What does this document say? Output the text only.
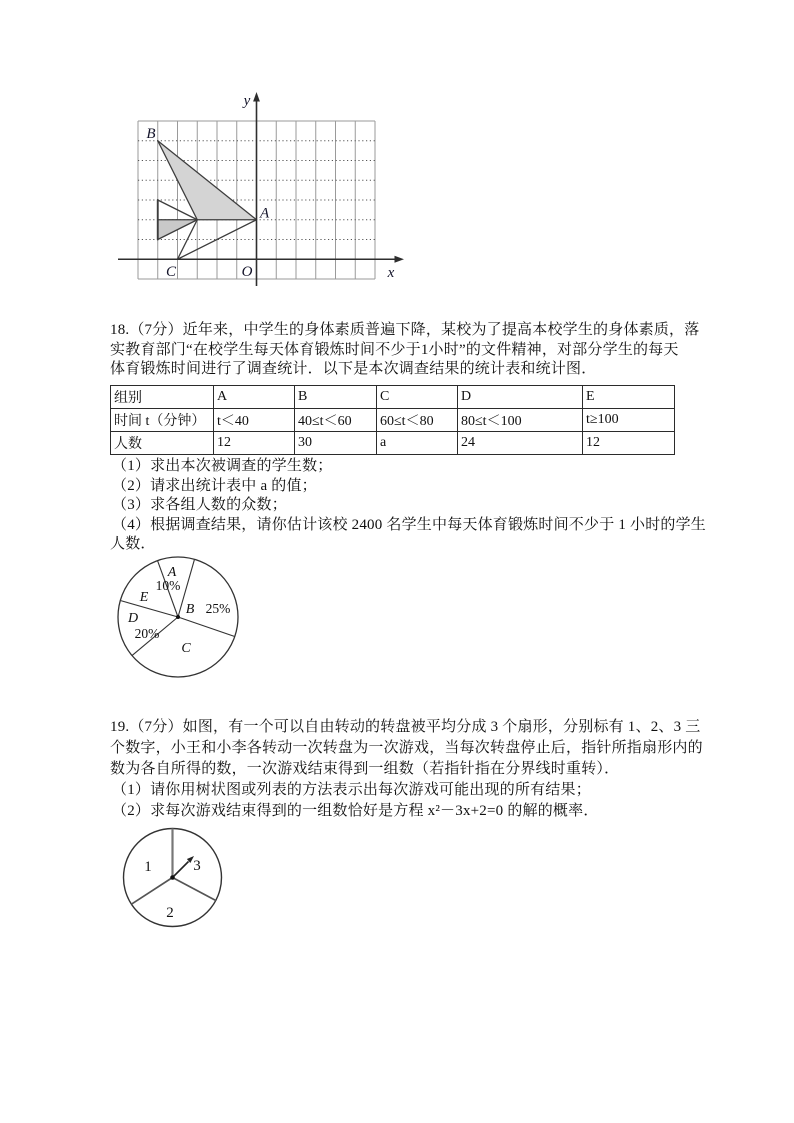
y
x
O
B
A
C
18.（7分）近年来，中学生的身体素质普遍下降，某校为了提高本校学生的身体素质，落
实教育部门“在校学生每天体育锻炼时间不少于1小时”的文件精神，对部分学生的每天
体育锻炼时间进行了调查统计．以下是本次调查结果的统计表和统计图．
组别	A	B	C	D	E
时间 t（分钟）	t＜40	40≤t＜60	60≤t＜80	80≤t＜100	t≥100
人数	12	30	a	24	12
（1）求出本次被调查的学生数；
（2）请求出统计表中 a 的值；
（3）求各组人数的众数；
（4）根据调查结果，请你估计该校 2400 名学生中每天体育锻炼时间不少于 1 小时的学生
人数．
A
10%
E
B 25%
D
20%
C
19.（7分）如图，有一个可以自由转动的转盘被平均分成 3 个扇形，分别标有 1、2、3 三
个数字，小王和小李各转动一次转盘为一次游戏，当每次转盘停止后，指针所指扇形内的
数为各自所得的数，一次游戏结束得到一组数（若指针指在分界线时重转）．
（1）请你用树状图或列表的方法表示出每次游戏可能出现的所有结果；
（2）求每次游戏结束得到的一组数恰好是方程 x²－3x+2=0 的解的概率．
1
2
3
